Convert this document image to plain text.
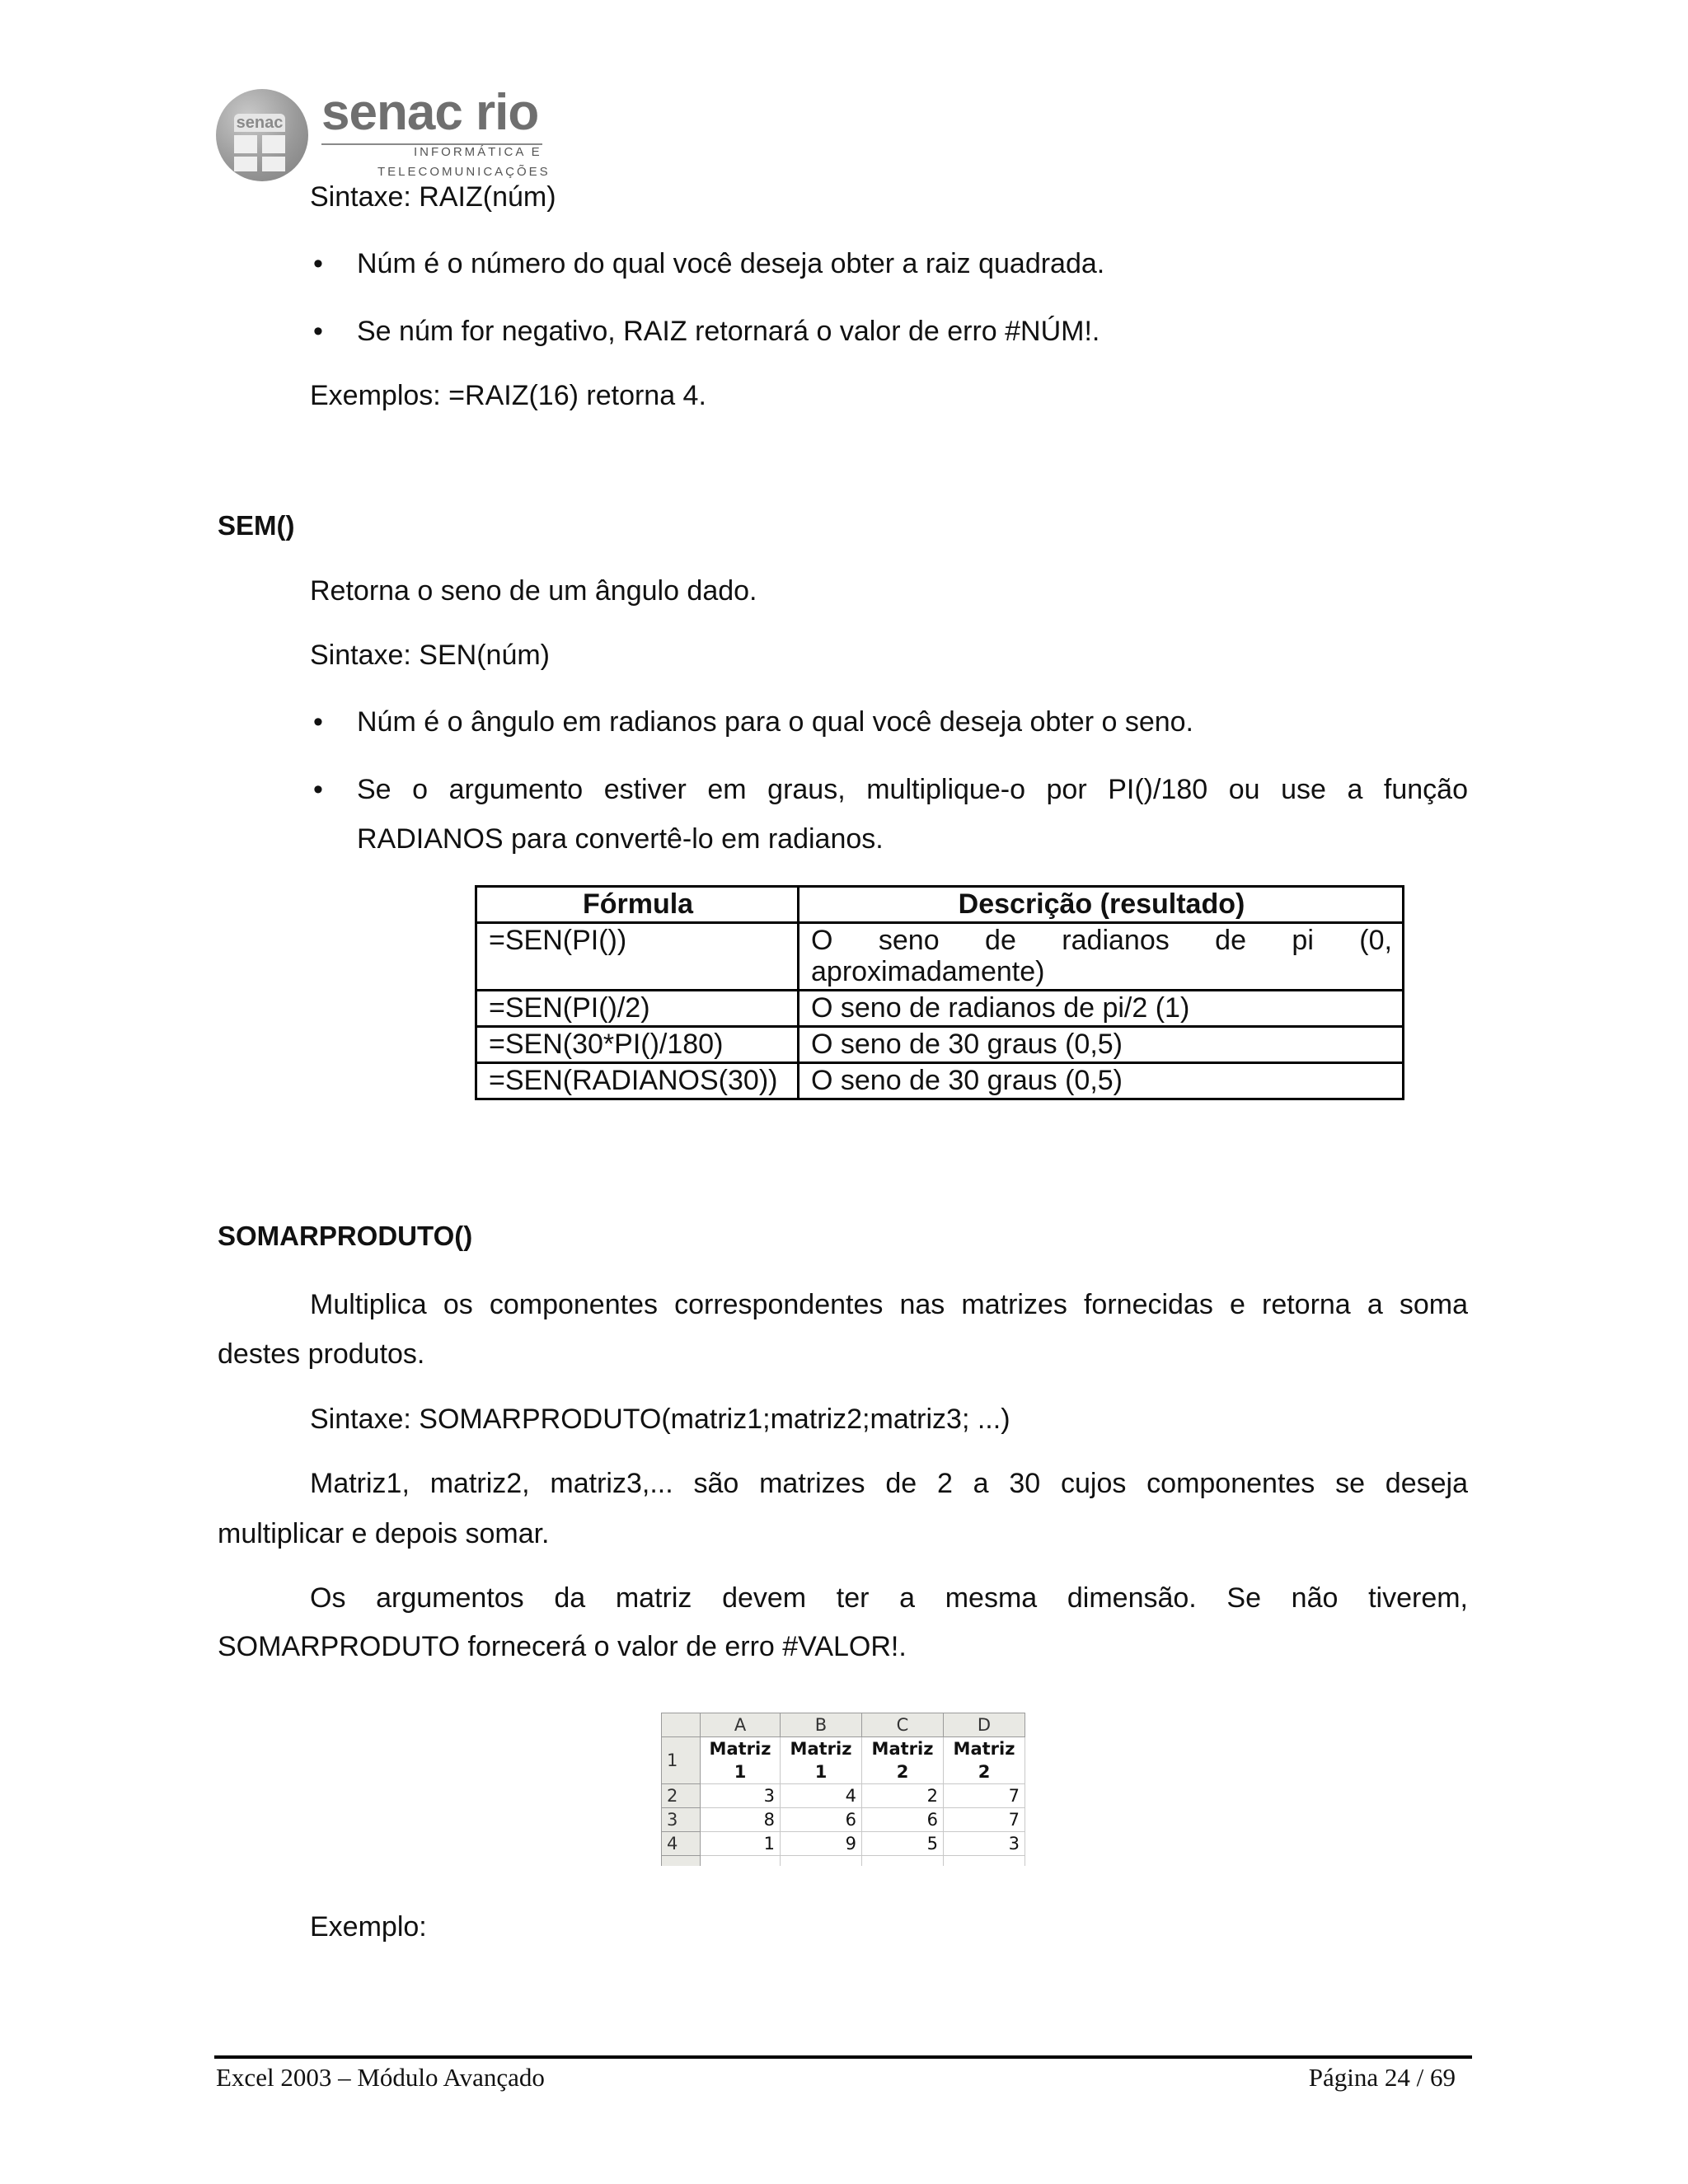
senac senac rio
INFORMÁTICA E
TELECOMUNICAÇÕES
Sintaxe: RAIZ(núm)
• Núm é o número do qual você deseja obter a raiz quadrada.
• Se núm for negativo, RAIZ retornará o valor de erro #NÚM!.
Exemplos: =RAIZ(16) retorna 4.
SEM()
Retorna o seno de um ângulo dado.
Sintaxe: SEN(núm)
• Núm é o ângulo em radianos para o qual você deseja obter o seno.
• Se o argumento estiver em graus, multiplique-o por PI()/180 ou use a função
RADIANOS para convertê-lo em radianos.
Fórmula	Descrição (resultado)
=SEN(PI())	O seno de radianos de pi (0,
aproximadamente)
=SEN(PI()/2)	O seno de radianos de pi/2 (1)
=SEN(30*PI()/180)	O seno de 30 graus (0,5)
=SEN(RADIANOS(30))	O seno de 30 graus (0,5)
SOMARPRODUTO()
Multiplica os componentes correspondentes nas matrizes fornecidas e retorna a soma
destes produtos.
Sintaxe: SOMARPRODUTO(matriz1;matriz2;matriz3; ...)
Matriz1, matriz2, matriz3,... são matrizes de 2 a 30 cujos componentes se deseja
multiplicar e depois somar.
Os argumentos da matriz devem ter a mesma dimensão. Se não tiverem,
SOMARPRODUTO fornecerá o valor de erro #VALOR!.
	A	B	C	D
1	Matriz 1	Matriz 1	Matriz 2	Matriz 2
2	3	4	2	7
3	8	6	6	7
4	1	9	5	3

Exemplo:
Excel 2003 – Módulo Avançado	Página 24 / 69
